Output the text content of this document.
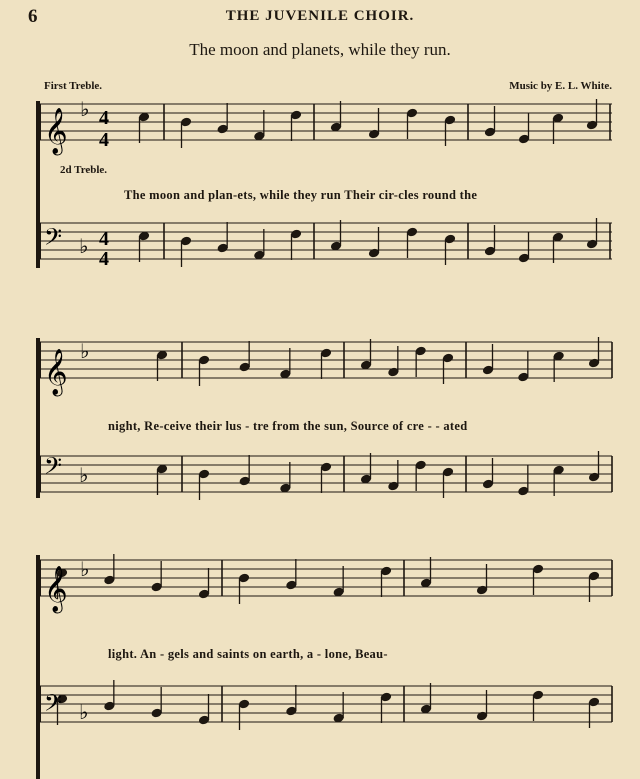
6	THE JUVENILE CHOIR.
The moon and planets, while they run.
First Treble.	Music by E. L. White.
2d Treble.
𝄞 ♭ 4
4
𝄢 ♭ 4
4
𝄞 ♭
𝄢 ♭
𝄞 ♭
𝄢 ♭
The moon and plan-ets, while they run Their cir-cles round the
night, Re-ceive their lus - tre from the sun, Source of cre - - ated
light. An - gels and saints on earth, a - lone, Beau-
